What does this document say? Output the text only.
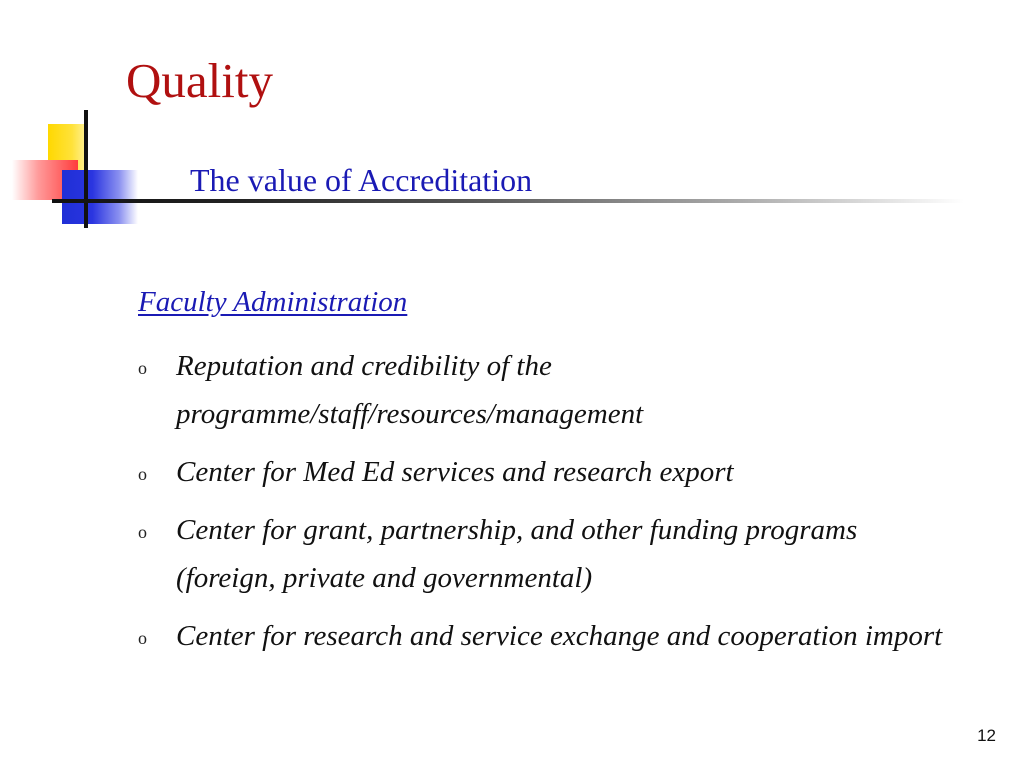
Quality
The value of Accreditation
Faculty Administration
o Reputation and credibility of the programme/staff/resources/management
o Center for Med Ed services and research export
o Center for grant, partnership, and other funding programs (foreign, private and governmental)
o Center for research and service exchange and cooperation import
12
